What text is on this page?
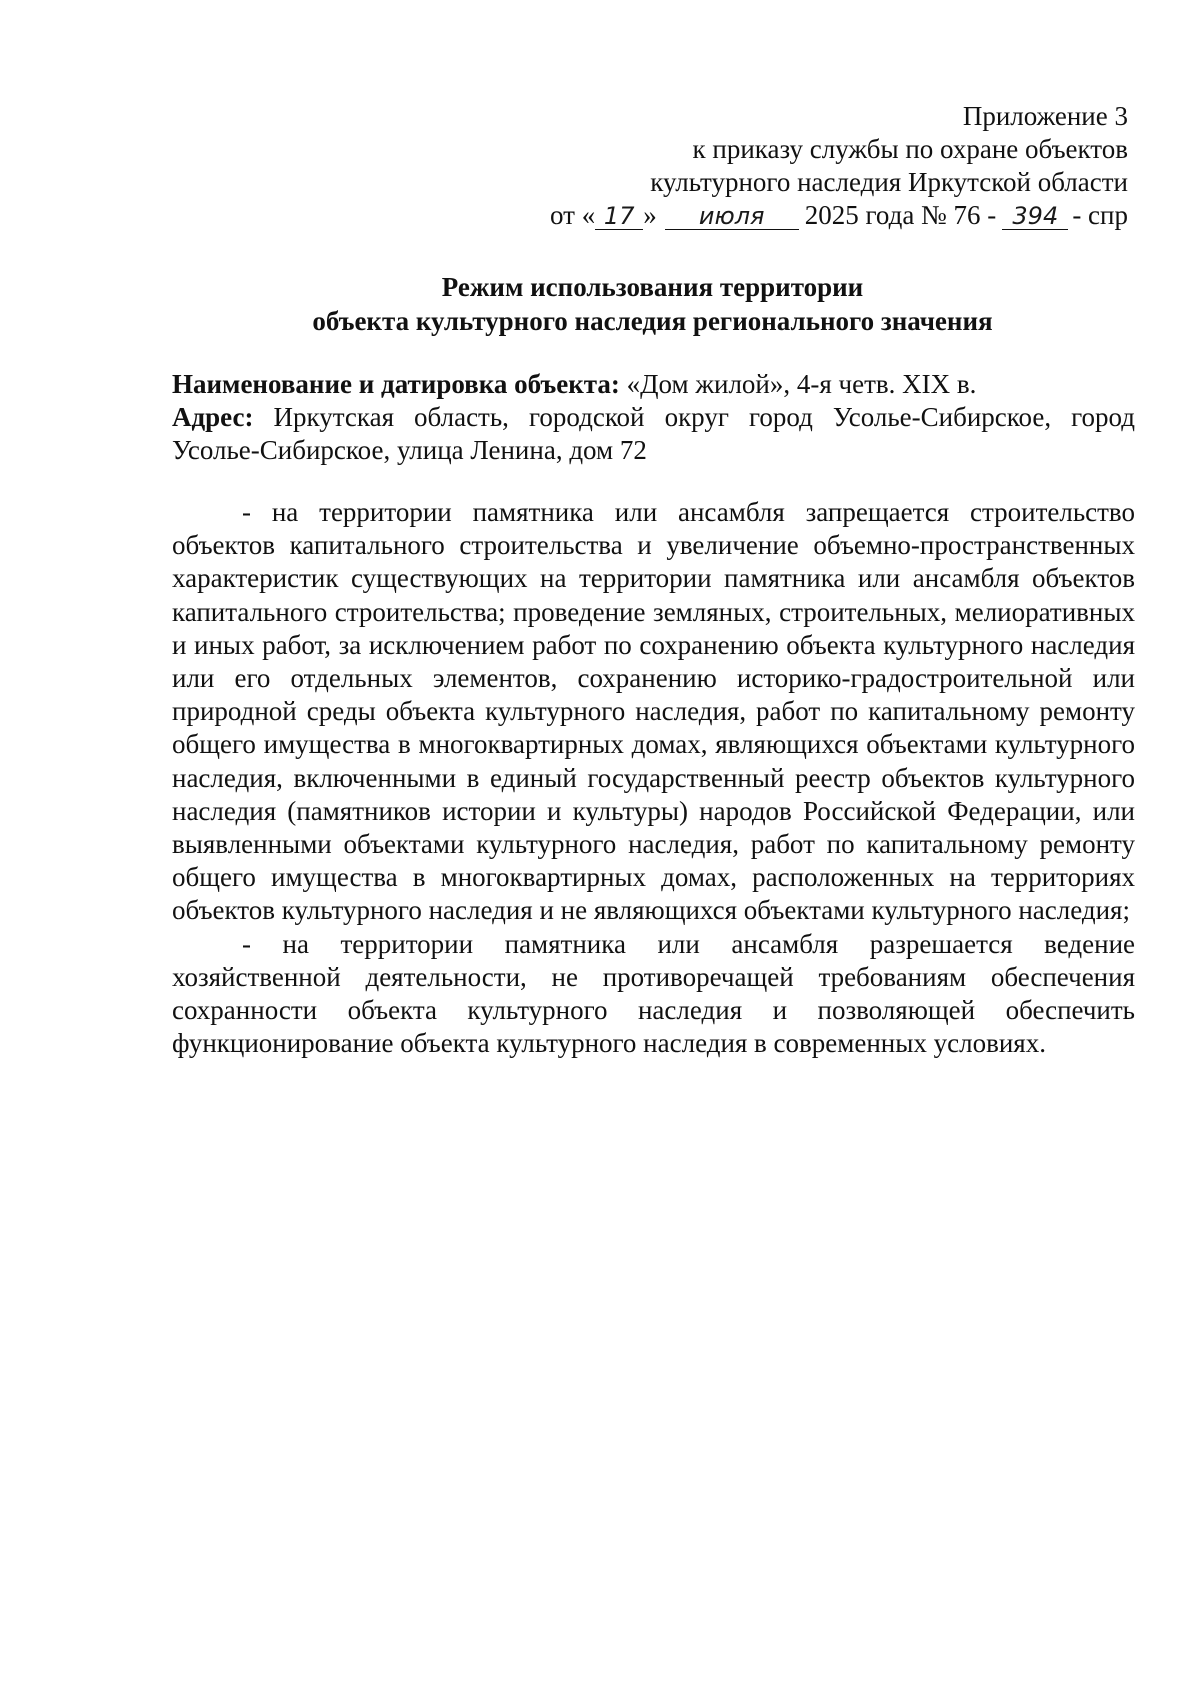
Приложение 3
к приказу службы по охране объектов
культурного наследия Иркутской области
от « 17 » июля 2025 года № 76 - 394 - спр
Режим использования территории
объекта культурного наследия регионального значения

Наименование и датировка объекта: «Дом жилой», 4-я четв. XIX в.

Адрес: Иркутская область, городской округ город Усолье-Сибирское, город Усолье-Сибирское, улица Ленина, дом 72

- на территории памятника или ансамбля запрещается строительство объектов капитального строительства и увеличение объемно-пространственных характеристик существующих на территории памятника или ансамбля объектов капитального строительства; проведение земляных, строительных, мелиоративных и иных работ, за исключением работ по сохранению объекта культурного наследия или его отдельных элементов, сохранению историко-градостроительной или природной среды объекта культурного наследия, работ по капитальному ремонту общего имущества в многоквартирных домах, являющихся объектами культурного наследия, включенными в единый государственный реестр объектов культурного наследия (памятников истории и культуры) народов Российской Федерации, или выявленными объектами культурного наследия, работ по капитальному ремонту общего имущества в многоквартирных домах, расположенных на территориях объектов культурного наследия и не являющихся объектами культурного наследия;

- на территории памятника или ансамбля разрешается ведение хозяйственной деятельности, не противоречащей требованиям обеспечения сохранности объекта культурного наследия и позволяющей обеспечить функционирование объекта культурного наследия в современных условиях.
